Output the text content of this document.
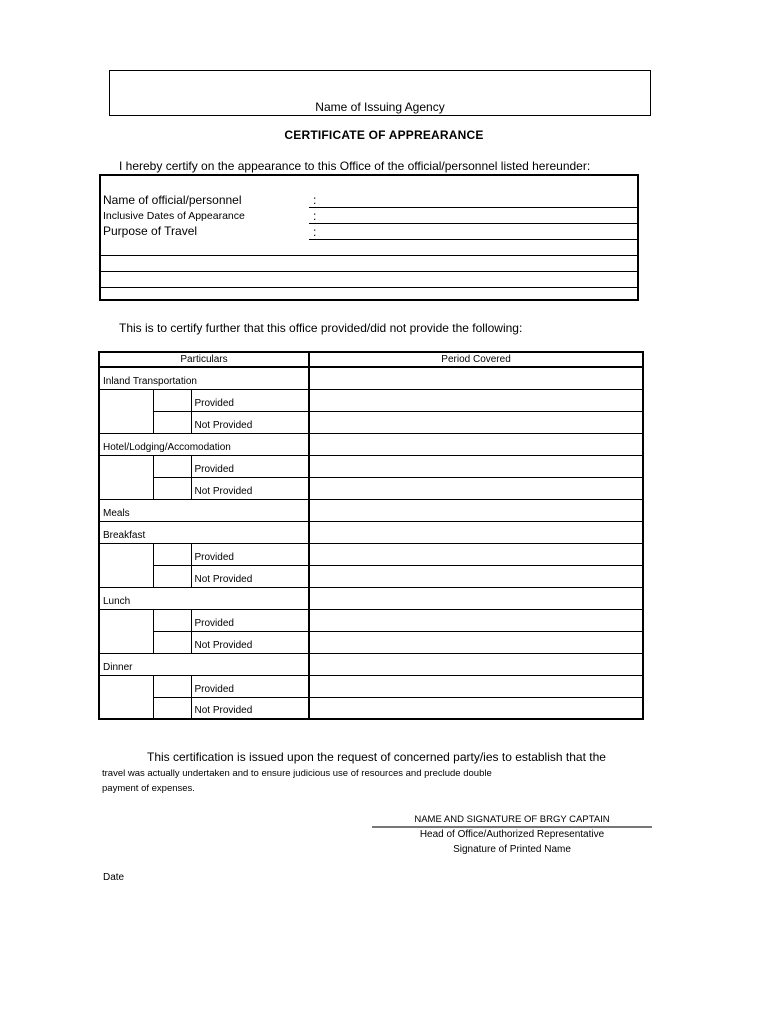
Name of Issuing Agency
CERTIFICATE OF APPREARANCE
I hereby certify on the appearance to this Office of the official/personnel listed hereunder:
Name of official/personnel	:
Inclusive Dates of Appearance	:
Purpose of Travel	:
This is to certify further that this office provided/did not provide the following:
Particulars			Period Covered
Inland Transportation			
		Provided	
		Not Provided	
Hotel/Lodging/Accomodation			
		Provided	
		Not Provided	
Meals			
Breakfast			
		Provided	
		Not Provided	
Lunch			
		Provided	
		Not Provided	
Dinner			
		Provided	
		Not Provided	
This certification is issued upon the request of concerned party/ies to establish that the
travel was actually undertaken and to ensure judicious use of resources and preclude double
payment of expenses.
NAME AND SIGNATURE OF BRGY CAPTAIN
Head of Office/Authorized Representative
Signature of Printed Name
Date
